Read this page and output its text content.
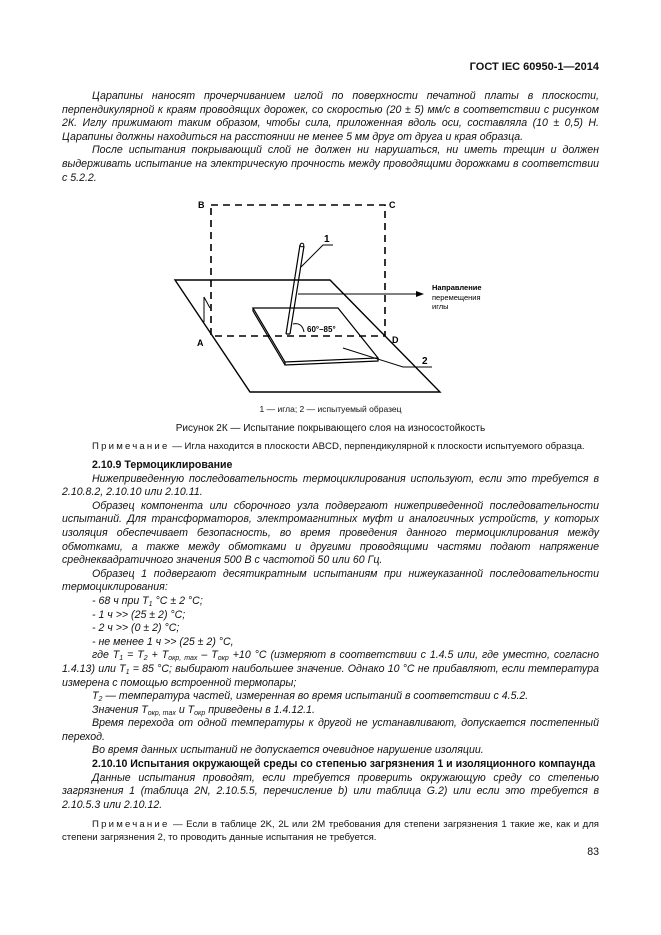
ГОСТ IEC 60950-1—2014

Царапины наносят прочерчиванием иглой по поверхности печатной платы в плоскости, перпендикулярной к краям проводящих дорожек, со скоростью (20 ± 5) мм/с в соответствии с рисунком 2К. Иглу прижимают таким образом, чтобы сила, приложенная вдоль оси, составляла (10 ± 0,5) Н. Царапины должны находиться на расстоянии не менее 5 мм друг от друга и края образца.

После испытания покрывающий слой не должен ни нарушаться, ни иметь трещин и должен выдерживать испытание на электрическую прочность между проводящими дорожками в соответствии с 5.2.2.

B	C
A	D
1
2
60°–85°
Направление
перемещения
иглы
1 — игла; 2 — испытуемый образец
Рисунок 2К — Испытание покрывающего слоя на износостойкость

Примечание — Игла находится в плоскости ABCD, перпендикулярной к плоскости испытуемого образца.

2.10.9 Термоциклирование

Нижеприведенную последовательность термоциклирования используют, если это требуется в 2.10.8.2, 2.10.10 или 2.10.11.

Образец компонента или сборочного узла подвергают нижеприведенной последовательности испытаний. Для трансформаторов, электромагнитных муфт и аналогичных устройств, у которых изоляция обеспечивает безопасность, во время проведения данного термоциклирования между обмотками, а также между обмотками и другими проводящими частями подают напряжение среднеквадратичного значения 500 В с частотой 50 или 60 Гц.

Образец 1 подвергают десятикратным испытаниям при нижеуказанной последовательности термоциклирования:

- 68 ч при $T_1$ °C ± 2 °C;

- 1 ч >> (25 ± 2) °C;

- 2 ч >> (0 ± 2) °C;

- не менее 1 ч >> (25 ± 2) °C,

где $T_1 = T_2 + T_{окр, max} - T_{окр} +10$ °C (измеряют в соответствии с 1.4.5 или, где уместно, согласно 1.4.13) или $T_1 = 85$ °C; выбирают наибольшее значение. Однако 10 °C не прибавляют, если температура измерена с помощью встроенной термопары;

$T_2$ — температура частей, измеренная во время испытаний в соответствии с 4.5.2.

Значения $T_{окр, max}$ и $T_{окр}$ приведены в 1.4.12.1.

Время перехода от одной температуры к другой не устанавливают, допускается постепенный переход.

Во время данных испытаний не допускается очевидное нарушение изоляции.

2.10.10 Испытания окружающей среды со степенью загрязнения 1 и изоляционного компаунда

Данные испытания проводят, если требуется проверить окружающую среду со степенью загрязнения 1 (таблица 2N, 2.10.5.5, перечисление b) или таблица G.2) или если это требуется в 2.10.5.3 или 2.10.12.

Примечание — Если в таблице 2K, 2L или 2M требования для степени загрязнения 1 такие же, как и для степени загрязнения 2, то проводить данные испытания не требуется.

83
